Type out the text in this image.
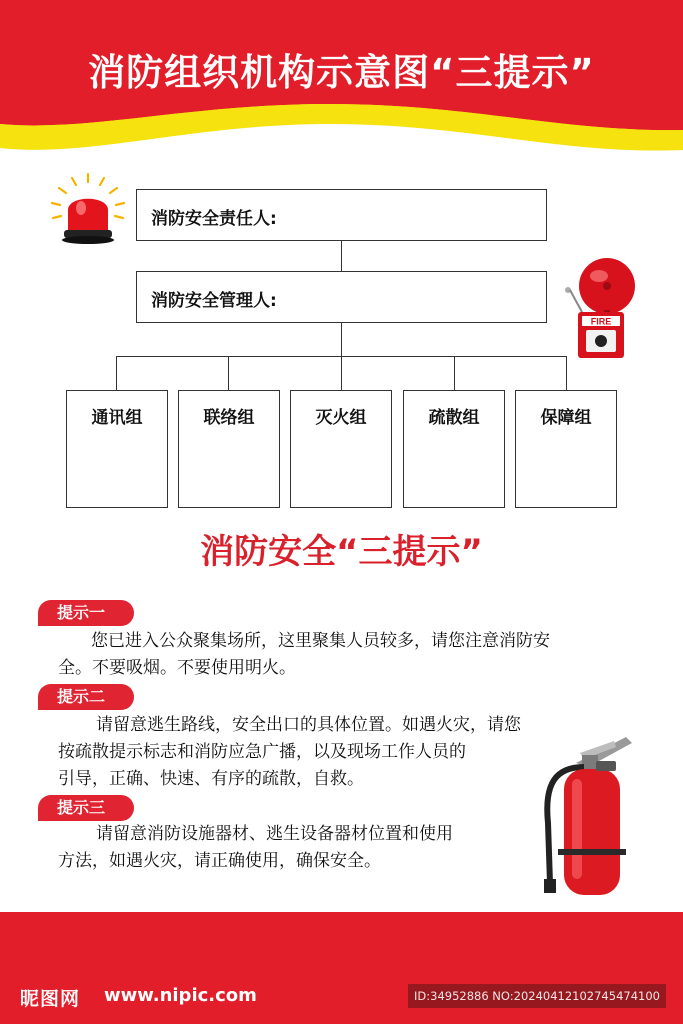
消防组织机构示意图“三提示”
消防安全责任人:
消防安全管理人:
通讯组	联络组	灭火组	疏散组	保障组
FIRE
消防安全“三提示”
提示一
您已进入公众聚集场所，这里聚集人员较多，请您注意消防安
全。不要吸烟。不要使用明火。
提示二
请留意逃生路线，安全出口的具体位置。如遇火灾，请您
按疏散提示标志和消防应急广播，以及现场工作人员的
引导，正确、快速、有序的疏散，自救。
提示三
请留意消防设施器材、逃生设备器材位置和使用
方法，如遇火灾，请正确使用，确保安全。
昵图网 www.nipic.com	ID:34952886 NO:20240412102745474100
